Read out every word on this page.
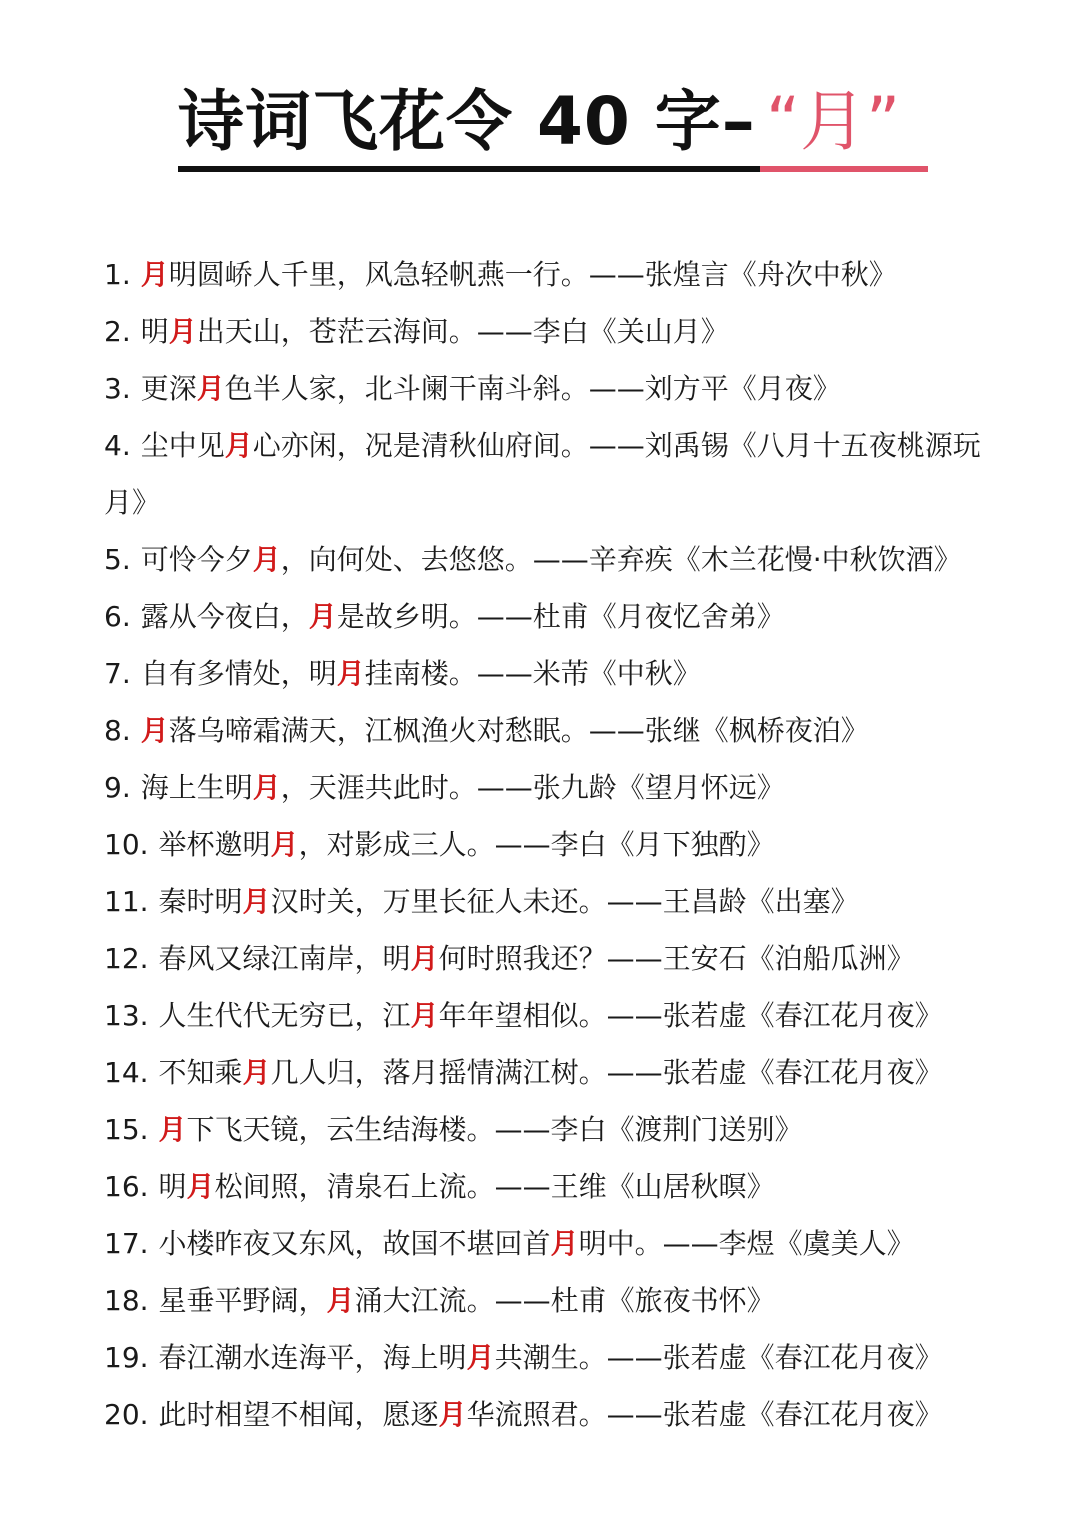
诗词飞花令 40 字– “月”
1. 月明圆峤人千里，风急轻帆燕一行。——张煌言《舟次中秋》
2. 明月出天山，苍茫云海间。——李白《关山月》
3. 更深月色半人家，北斗阑干南斗斜。——刘方平《月夜》
4. 尘中见月心亦闲，况是清秋仙府间。——刘禹锡《八月十五夜桃源玩月》
5. 可怜今夕月，向何处、去悠悠。——辛弃疾《木兰花慢·中秋饮酒》
6. 露从今夜白，月是故乡明。——杜甫《月夜忆舍弟》
7. 自有多情处，明月挂南楼。——米芾《中秋》
8. 月落乌啼霜满天，江枫渔火对愁眠。——张继《枫桥夜泊》
9. 海上生明月，天涯共此时。——张九龄《望月怀远》
10. 举杯邀明月，对影成三人。——李白《月下独酌》
11. 秦时明月汉时关，万里长征人未还。——王昌龄《出塞》
12. 春风又绿江南岸，明月何时照我还？——王安石《泊船瓜洲》
13. 人生代代无穷已，江月年年望相似。——张若虚《春江花月夜》
14. 不知乘月几人归，落月摇情满江树。——张若虚《春江花月夜》
15. 月下飞天镜，云生结海楼。——李白《渡荆门送别》
16. 明月松间照，清泉石上流。——王维《山居秋暝》
17. 小楼昨夜又东风，故国不堪回首月明中。——李煜《虞美人》
18. 星垂平野阔，月涌大江流。——杜甫《旅夜书怀》
19. 春江潮水连海平，海上明月共潮生。——张若虚《春江花月夜》
20. 此时相望不相闻，愿逐月华流照君。——张若虚《春江花月夜》
